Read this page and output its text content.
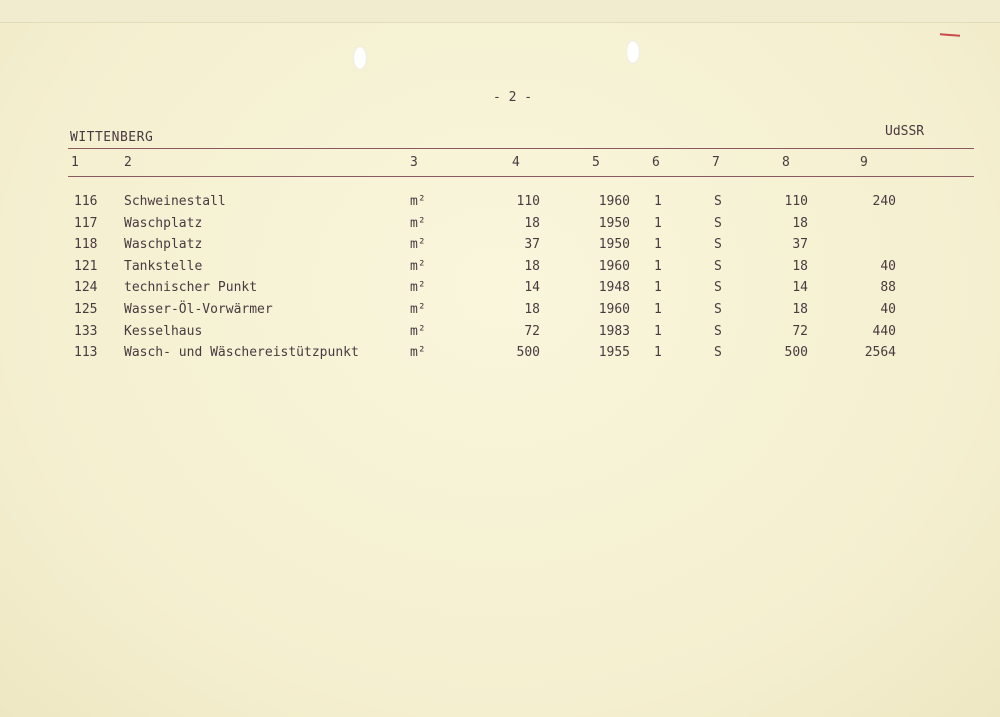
- 2 -
WITTENBERG	UdSSR
1	2	3	4	5	6	7	8	9
116 Schweinestall	m²	110	1960 1	S	110	240
117 Waschplatz	m²	18	1950 1	S	18
118 Waschplatz	m²	37	1950 1	S	37
121 Tankstelle	m²	18	1960 1	S	18	40
124 technischer Punkt	m²	14	1948 1	S	14	88
125 Wasser-Öl-Vorwärmer	m²	18	1960 1	S	18	40
133 Kesselhaus	m²	72	1983 1	S	72	440
113 Wasch- und Wäschereistützpunkt	m²	500	1955 1	S	500	2564
